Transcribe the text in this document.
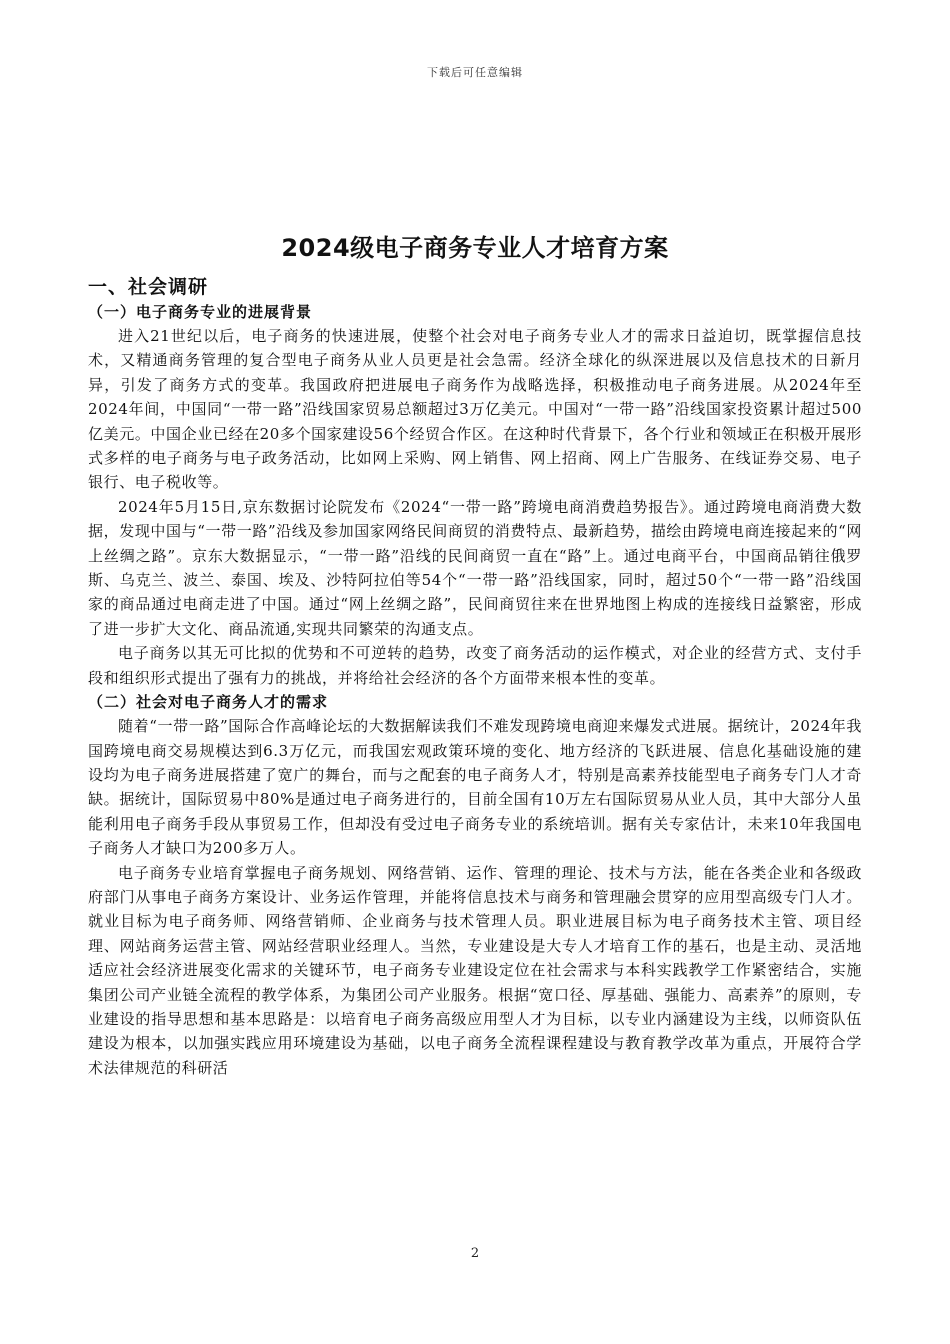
下载后可任意编辑
2024级电子商务专业人才培育方案
一、社会调研
（一）电子商务专业的进展背景

进入21世纪以后，电子商务的快速进展，使整个社会对电子商务专业人才的需求日益迫切，既掌握信息技术，又精通商务管理的复合型电子商务从业人员更是社会急需。经济全球化的纵深进展以及信息技术的日新月异，引发了商务方式的变革。我国政府把进展电子商务作为战略选择，积极推动电子商务进展。从2024年至2024年间，中国同“一带一路”沿线国家贸易总额超过3万亿美元。中国对“一带一路”沿线国家投资累计超过500亿美元。中国企业已经在20多个国家建设56个经贸合作区。在这种时代背景下，各个行业和领域正在积极开展形式多样的电子商务与电子政务活动，比如网上采购、网上销售、网上招商、网上广告服务、在线证券交易、电子银行、电子税收等。

2024年5月15日,京东数据讨论院发布《2024“一带一路”跨境电商消费趋势报告》。通过跨境电商消费大数据，发现中国与“一带一路”沿线及参加国家网络民间商贸的消费特点、最新趋势，描绘由跨境电商连接起来的“网上丝绸之路”。京东大数据显示，“一带一路”沿线的民间商贸一直在“路”上。通过电商平台，中国商品销往俄罗斯、乌克兰、波兰、泰国、埃及、沙特阿拉伯等54个“一带一路”沿线国家，同时，超过50个“一带一路”沿线国家的商品通过电商走进了中国。通过“网上丝绸之路”，民间商贸往来在世界地图上构成的连接线日益繁密，形成了进一步扩大文化、商品流通,实现共同繁荣的沟通支点。

电子商务以其无可比拟的优势和不可逆转的趋势，改变了商务活动的运作模式，对企业的经营方式、支付手段和组织形式提出了强有力的挑战，并将给社会经济的各个方面带来根本性的变革。

（二）社会对电子商务人才的需求

随着“一带一路”国际合作高峰论坛的大数据解读我们不难发现跨境电商迎来爆发式进展。据统计，2024年我国跨境电商交易规模达到6.3万亿元，而我国宏观政策环境的变化、地方经济的飞跃进展、信息化基础设施的建设均为电子商务进展搭建了宽广的舞台，而与之配套的电子商务人才，特别是高素养技能型电子商务专门人才奇缺。据统计，国际贸易中80%是通过电子商务进行的，目前全国有10万左右国际贸易从业人员，其中大部分人虽能利用电子商务手段从事贸易工作，但却没有受过电子商务专业的系统培训。据有关专家估计，未来10年我国电子商务人才缺口为200多万人。

电子商务专业培育掌握电子商务规划、网络营销、运作、管理的理论、技术与方法，能在各类企业和各级政府部门从事电子商务方案设计、业务运作管理，并能将信息技术与商务和管理融会贯穿的应用型高级专门人才。就业目标为电子商务师、网络营销师、企业商务与技术管理人员。职业进展目标为电子商务技术主管、项目经理、网站商务运营主管、网站经营职业经理人。当然，专业建设是大专人才培育工作的基石，也是主动、灵活地适应社会经济进展变化需求的关键环节，电子商务专业建设定位在社会需求与本科实践教学工作紧密结合，实施集团公司产业链全流程的教学体系，为集团公司产业服务。根据“宽口径、厚基础、强能力、高素养”的原则，专业建设的指导思想和基本思路是：以培育电子商务高级应用型人才为目标，以专业内涵建设为主线，以师资队伍建设为根本，以加强实践应用环境建设为基础，以电子商务全流程课程建设与教育教学改革为重点，开展符合学术法律规范的科研活

2
